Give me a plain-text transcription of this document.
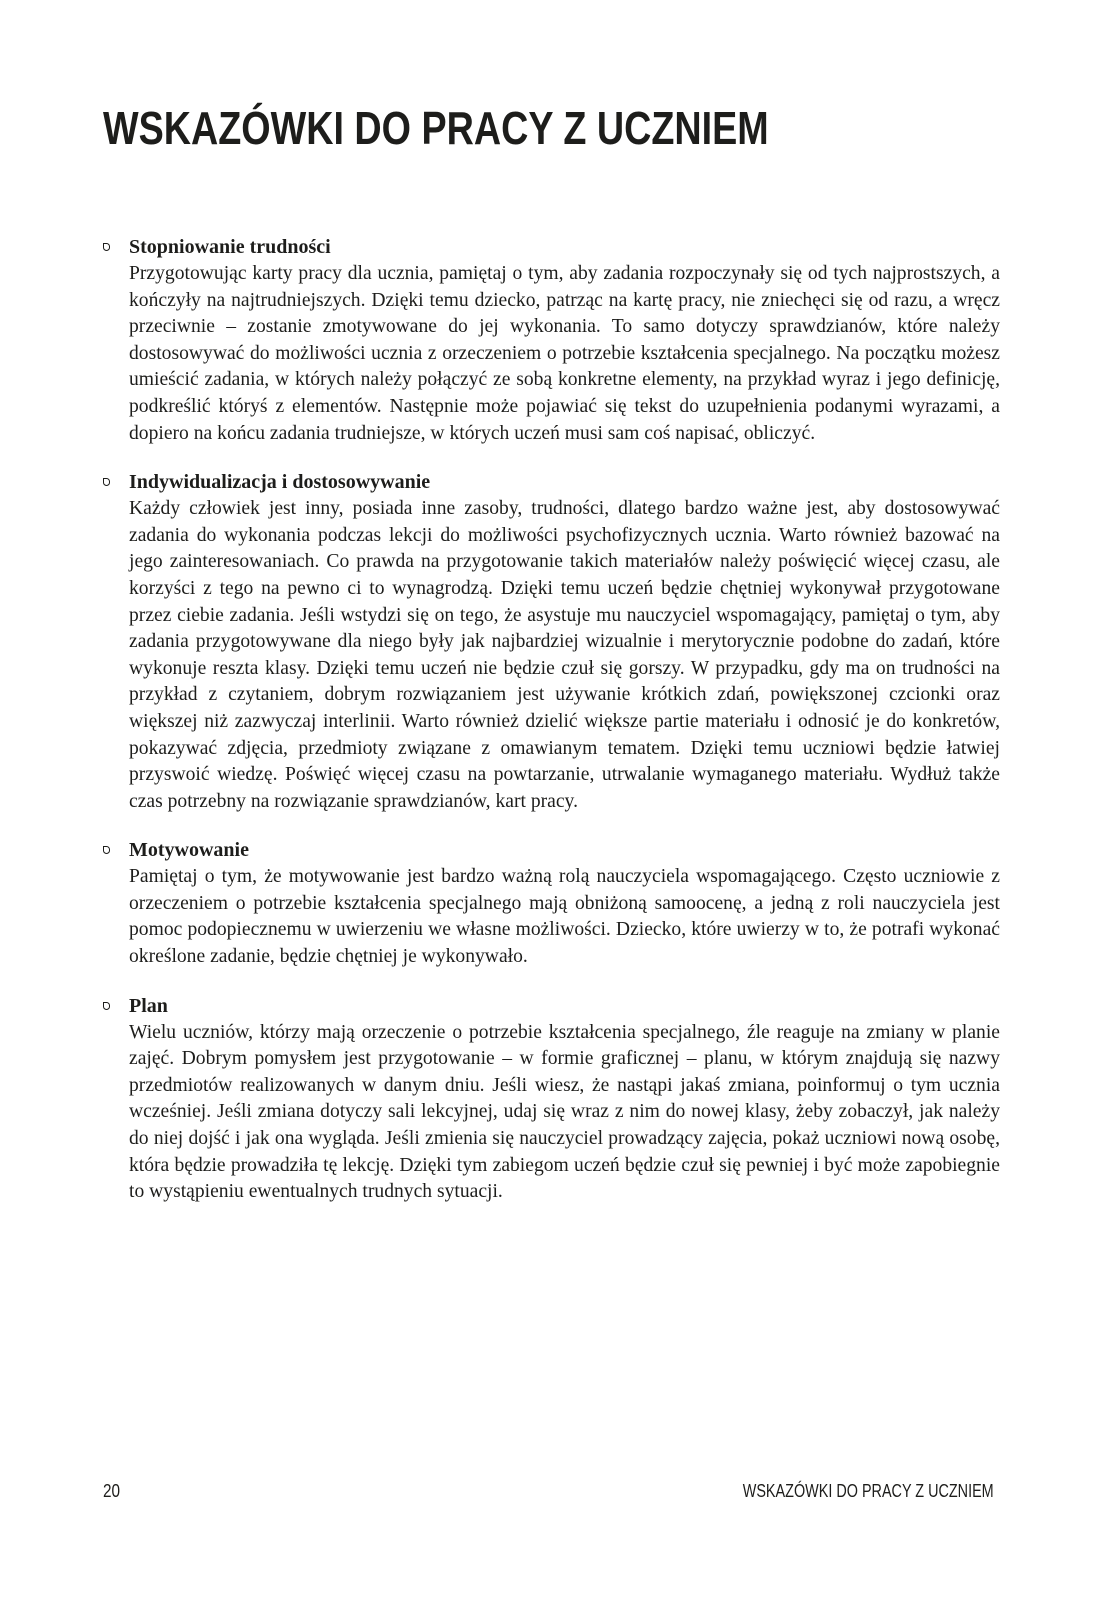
WSKAZÓWKI DO PRACY Z UCZNIEM

Stopniowanie trudności

Przygotowując karty pracy dla ucznia, pamiętaj o tym, aby zadania rozpoczynały się od tych najprostszych, a kończyły na najtrudniejszych. Dzięki temu dziecko, patrząc na kartę pracy, nie zniechęci się od razu, a wręcz przeciwnie – zostanie zmotywowane do jej wykonania. To samo dotyczy sprawdzianów, które należy dostosowywać do możliwości ucznia z orzeczeniem o potrzebie kształcenia specjalnego. Na początku możesz umieścić zadania, w których należy połączyć ze sobą konkretne elementy, na przykład wyraz i jego definicję, podkreślić któryś z elementów. Następnie może pojawiać się tekst do uzupełnienia podanymi wyrazami, a dopiero na końcu zadania trudniejsze, w których uczeń musi sam coś napisać, obliczyć.

Indywidualizacja i dostosowywanie

Każdy człowiek jest inny, posiada inne zasoby, trudności, dlatego bardzo ważne jest, aby dostosowywać zadania do wykonania podczas lekcji do możliwości psychofizycznych ucznia. Warto również bazować na jego zainteresowaniach. Co prawda na przygotowanie takich materiałów należy poświęcić więcej czasu, ale korzyści z tego na pewno ci to wynagrodzą. Dzięki temu uczeń będzie chętniej wykonywał przygotowane przez ciebie zadania. Jeśli wstydzi się on tego, że asystuje mu nauczyciel wspomagający, pamiętaj o tym, aby zadania przygotowywane dla niego były jak najbardziej wizualnie i merytorycznie podobne do zadań, które wykonuje reszta klasy. Dzięki temu uczeń nie będzie czuł się gorszy. W przypadku, gdy ma on trudności na przykład z czytaniem, dobrym rozwiązaniem jest używanie krótkich zdań, powiększonej czcionki oraz większej niż zazwyczaj interlinii. Warto również dzielić większe partie materiału i odnosić je do konkretów, pokazywać zdjęcia, przedmioty związane z omawianym tematem. Dzięki temu uczniowi będzie łatwiej przyswoić wiedzę. Poświęć więcej czasu na powtarzanie, utrwalanie wymaganego materiału. Wydłuż także czas potrzebny na rozwiązanie sprawdzianów, kart pracy.

Motywowanie

Pamiętaj o tym, że motywowanie jest bardzo ważną rolą nauczyciela wspomagającego. Często uczniowie z orzeczeniem o potrzebie kształcenia specjalnego mają obniżoną samoocenę, a jedną z roli nauczyciela jest pomoc podopiecznemu w uwierzeniu we własne możliwości. Dziecko, które uwierzy w to, że potrafi wykonać określone zadanie, będzie chętniej je wykonywało.

Plan

Wielu uczniów, którzy mają orzeczenie o potrzebie kształcenia specjalnego, źle reaguje na zmiany w planie zajęć. Dobrym pomysłem jest przygotowanie – w formie graficznej – planu, w którym znajdują się nazwy przedmiotów realizowanych w danym dniu. Jeśli wiesz, że nastąpi jakaś zmiana, poinformuj o tym ucznia wcześniej. Jeśli zmiana dotyczy sali lekcyjnej, udaj się wraz z nim do nowej klasy, żeby zobaczył, jak należy do niej dojść i jak ona wygląda. Jeśli zmienia się nauczyciel prowadzący zajęcia, pokaż uczniowi nową osobę, która będzie prowadziła tę lekcję. Dzięki tym zabiegom uczeń będzie czuł się pewniej i być może zapobiegnie to wystąpieniu ewentualnych trudnych sytuacji.

20	WSKAZÓWKI DO PRACY Z UCZNIEM
